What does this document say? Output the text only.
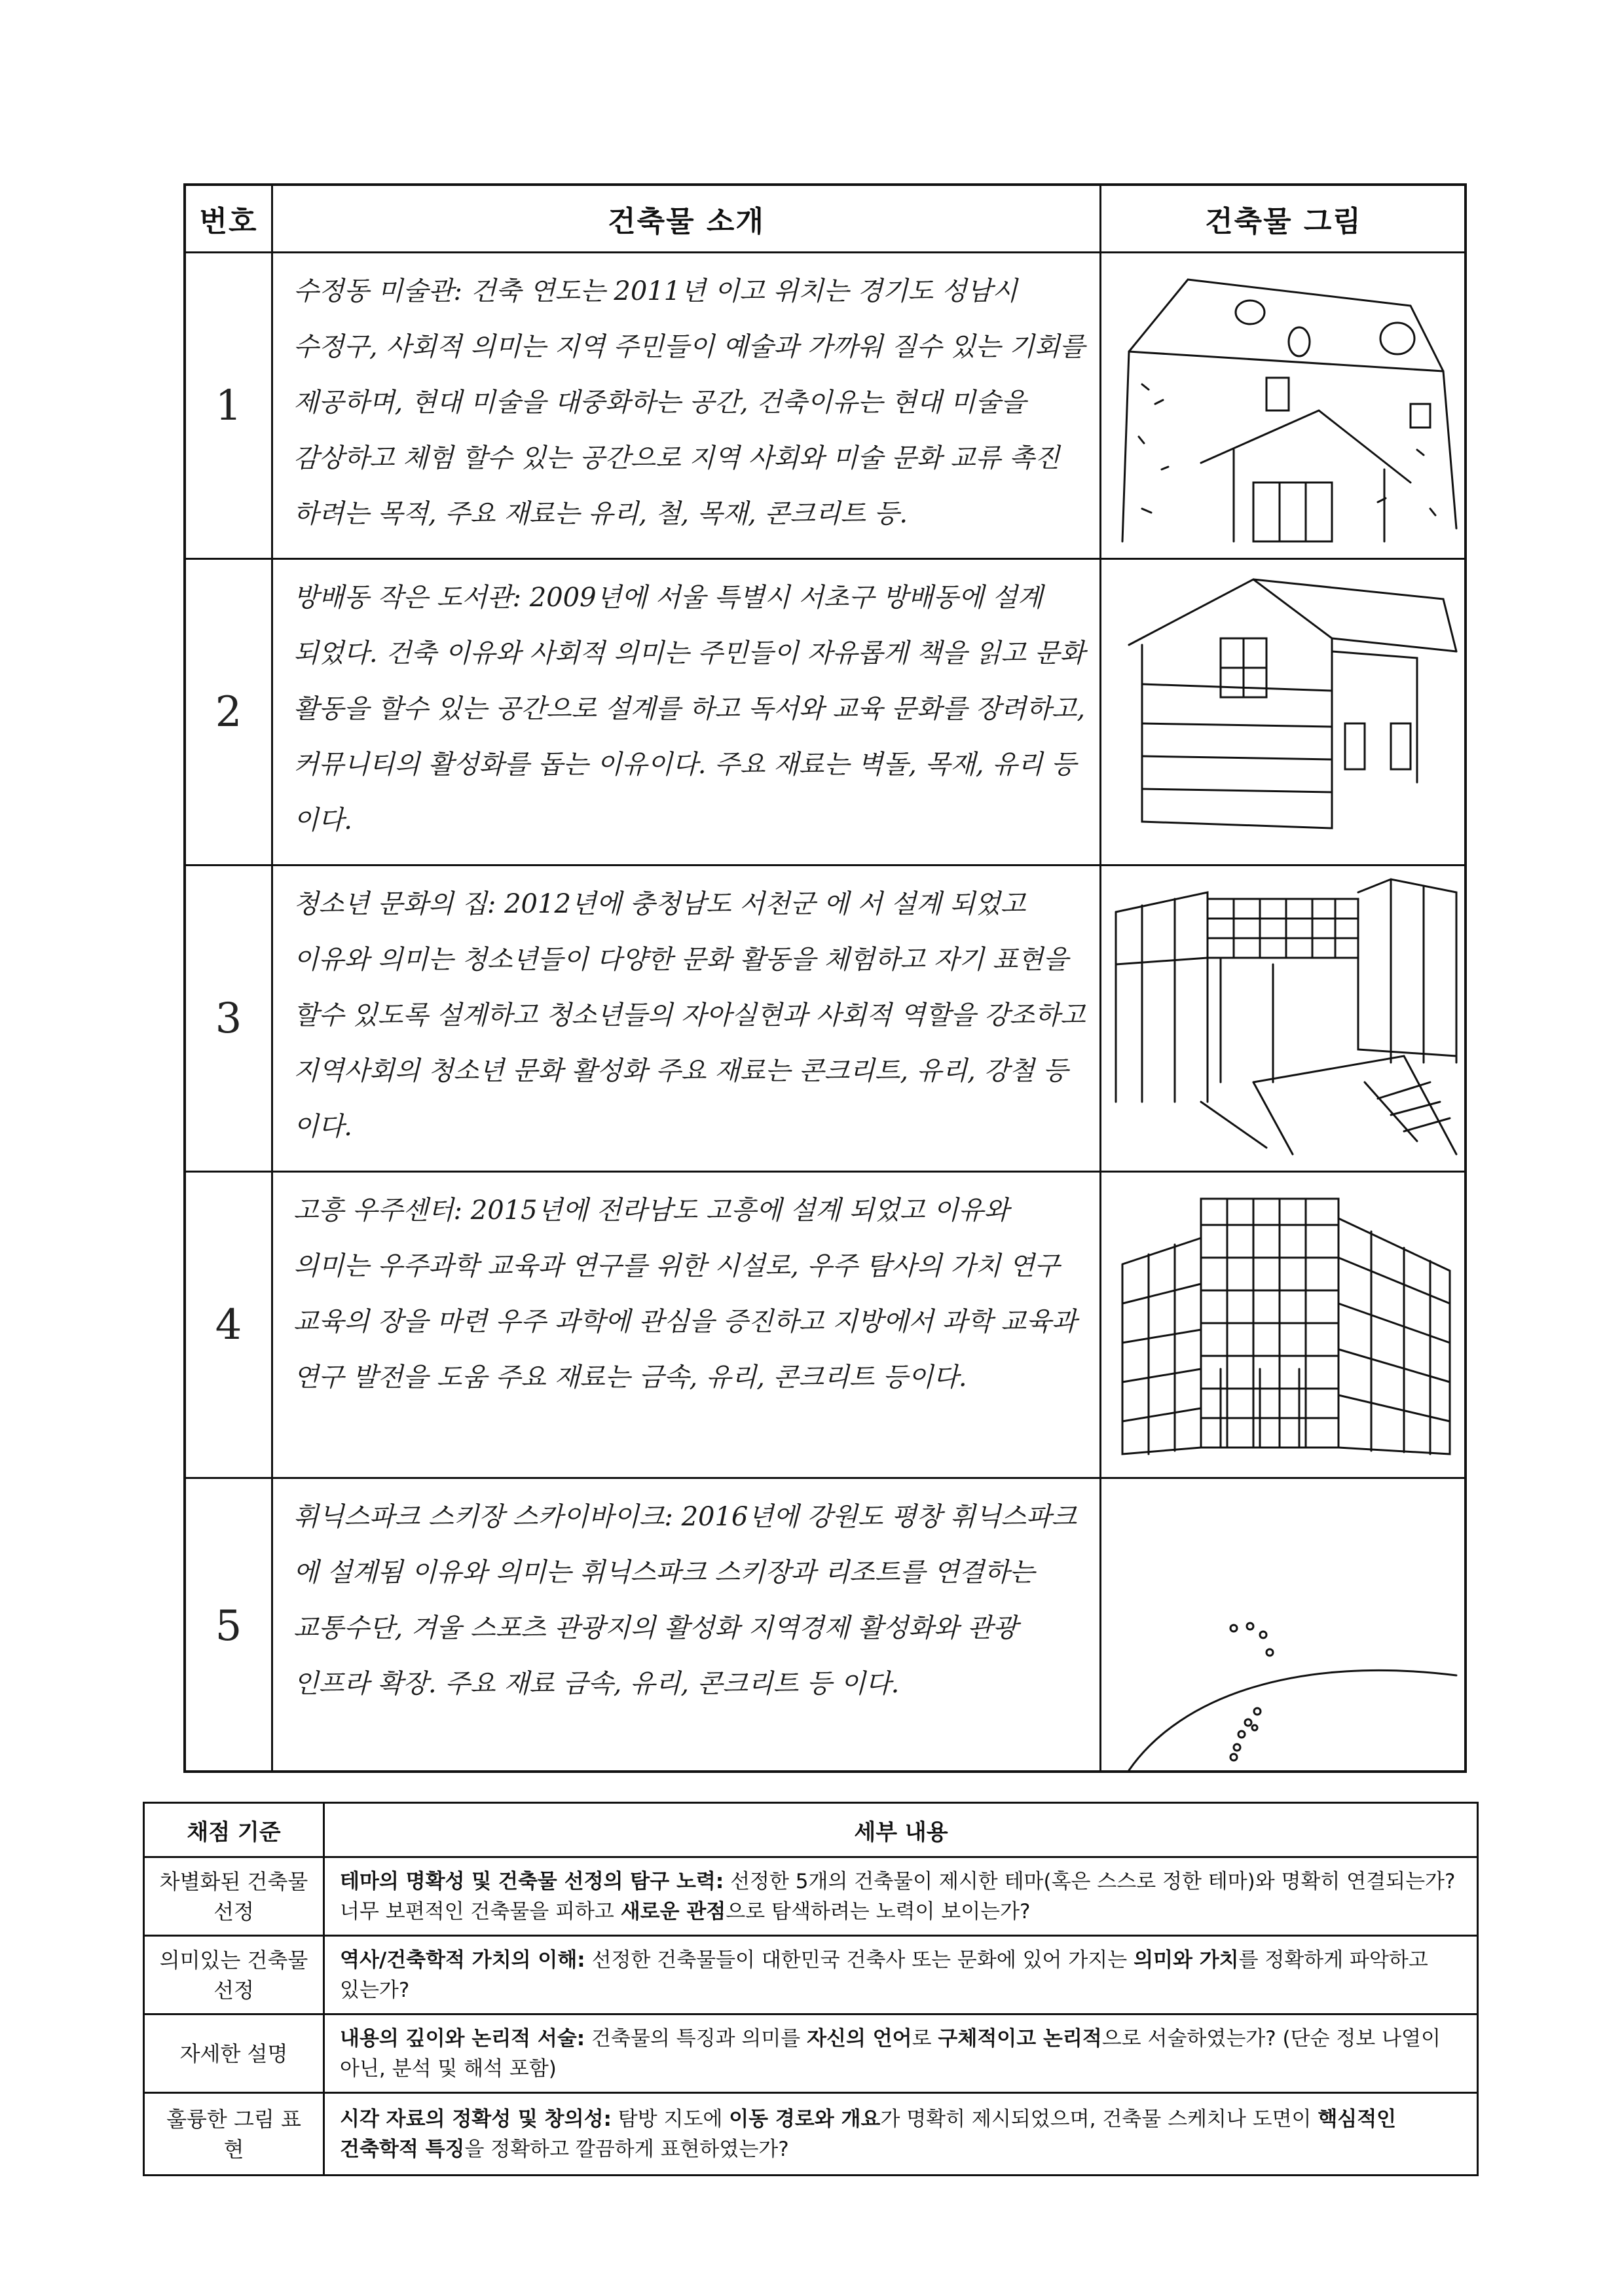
번호	건축물 소개	건축물 그림
1
수정동 미술관: 건축 연도는 2011년 이고 위치는 경기도 성남시 수정구, 사회적 의미는 지역 주민들이 예술과 가까워 질수 있는 기회를 제공하며, 현대 미술을 대중화하는 공간, 건축이유는 현대 미술을 감상하고 체험 할수 있는 공간으로 지역 사회와 미술 문화 교류 촉진 하려는 목적, 주요 재료는 유리, 철, 목재, 콘크리트 등.
2
방배동 작은 도서관: 2009년에 서울 특별시 서초구 방배동에 설계 되었다. 건축 이유와 사회적 의미는 주민들이 자유롭게 책을 읽고 문화 활동을 할수 있는 공간으로 설계를 하고 독서와 교육 문화를 장려하고, 커뮤니티의 활성화를 돕는 이유이다. 주요 재료는 벽돌, 목재, 유리 등 이다.
3
청소년 문화의 집: 2012년에 충청남도 서천군 에 서 설계 되었고 이유와 의미는 청소년들이 다양한 문화 활동을 체험하고 자기 표현을 할수 있도록 설계하고 청소년들의 자아실현과 사회적 역할을 강조하고 지역사회의 청소년 문화 활성화 주요 재료는 콘크리트, 유리, 강철 등 이다.
4
고흥 우주센터: 2015년에 전라남도 고흥에 설계 되었고 이유와 의미는 우주과학 교육과 연구를 위한 시설로, 우주 탐사의 가치 연구 교육의 장을 마련 우주 과학에 관심을 증진하고 지방에서 과학 교육과 연구 발전을 도움 주요 재료는 금속, 유리, 콘크리트 등이다.
5
휘닉스파크 스키장 스카이바이크: 2016년에 강원도 평창 휘닉스파크 에 설계됨 이유와 의미는 휘닉스파크 스키장과 리조트를 연결하는 교통수단, 겨울 스포츠 관광지의 활성화 지역경제 활성화와 관광 인프라 확장. 주요 재료 금속, 유리, 콘크리트 등 이다.
채점 기준	세부 내용
차별화된 건축물 선정
테마의 명확성 및 건축물 선정의 탐구 노력: 선정한 5개의 건축물이 제시한 테마(혹은 스스로 정한 테마)와 명확히 연결되는가? 너무 보편적인 건축물을 피하고 새로운 관점으로 탐색하려는 노력이 보이는가?
의미있는 건축물 선정
역사/건축학적 가치의 이해: 선정한 건축물들이 대한민국 건축사 또는 문화에 있어 가지는 의미와 가치를 정확하게 파악하고 있는가?
자세한 설명
내용의 깊이와 논리적 서술: 건축물의 특징과 의미를 자신의 언어로 구체적이고 논리적으로 서술하였는가? (단순 정보 나열이 아닌, 분석 및 해석 포함)
훌륭한 그림 표현
시각 자료의 정확성 및 창의성: 탐방 지도에 이동 경로와 개요가 명확히 제시되었으며, 건축물 스케치나 도면이 핵심적인 건축학적 특징을 정확하고 깔끔하게 표현하였는가?
